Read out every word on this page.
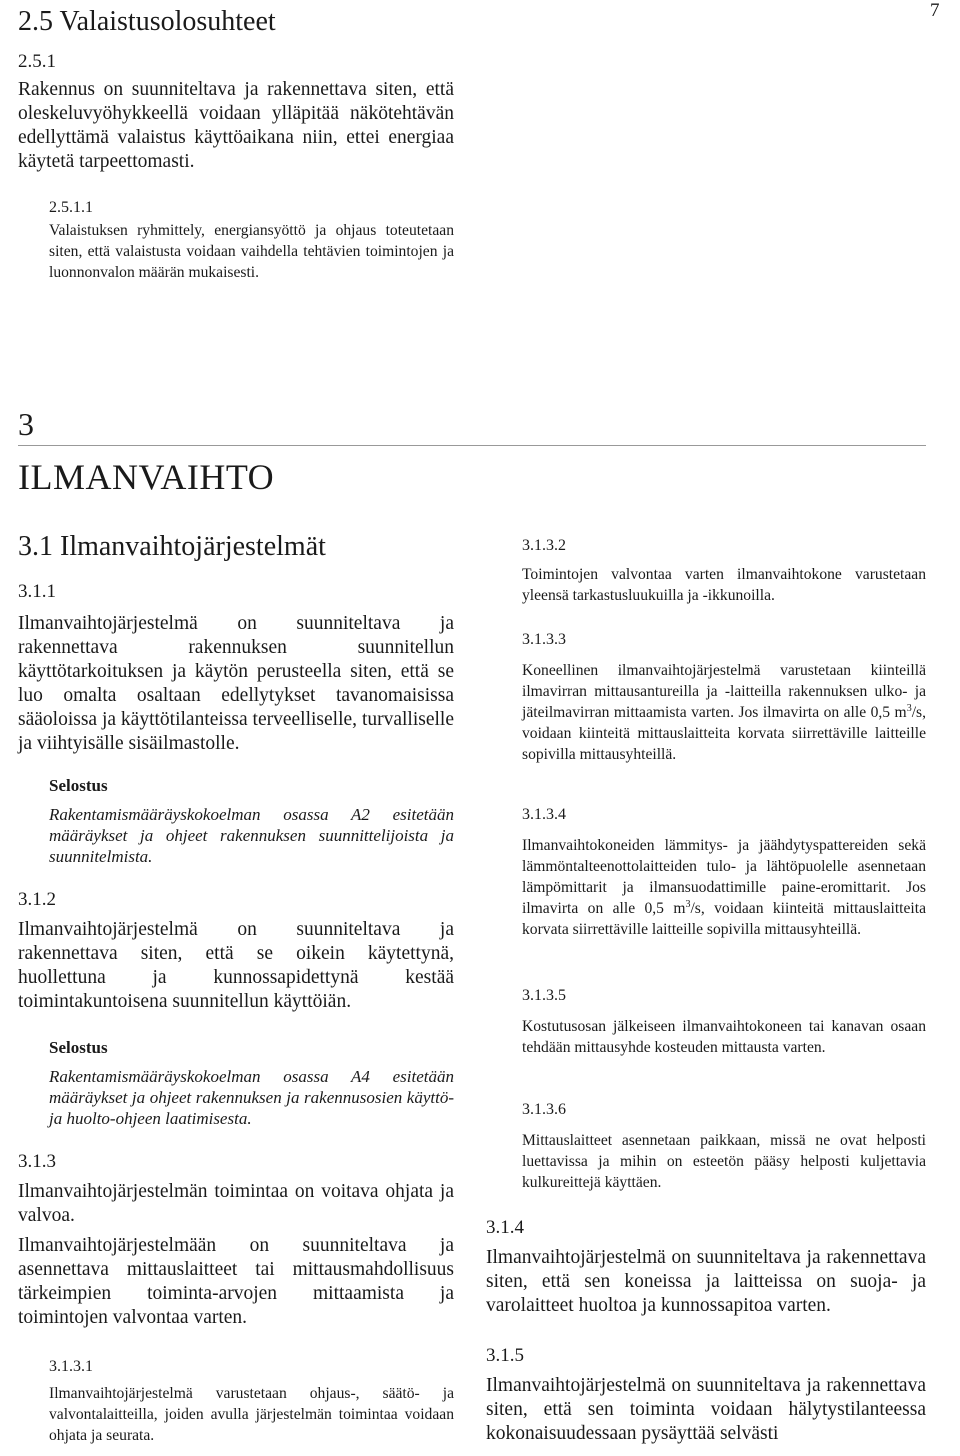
7
2.5 Valaistusolosuhteet

2.5.1

Rakennus on suunniteltava ja rakennettava siten, että oleskeluvyöhykkeellä voidaan ylläpitää näkötehtävän edellyttämä valaistus käyttöaikana niin, ettei energiaa käytetä tarpeettomasti.

2.5.1.1

Valaistuksen ryhmittely, energiansyöttö ja ohjaus toteutetaan siten, että valaistusta voidaan vaihdella tehtävien toimintojen ja luonnonvalon määrän mukaisesti.

3
ILMANVAIHTO
3.1 Ilmanvaihtojärjestelmät

3.1.1

Ilmanvaihtojärjestelmä on suunniteltava ja rakennettava rakennuksen suunnitellun käyttötarkoituksen ja käytön perusteella siten, että se luo omalta osaltaan edellytykset tavanomaisissa sääoloissa ja käyttötilanteissa terveelliselle, turvalliselle ja viihtyisälle sisäilmastolle.

Selostus

Rakentamismääräyskokoelman osassa A2 esitetään määräykset ja ohjeet rakennuksen suunnittelijoista ja suunnitelmista.

3.1.2

Ilmanvaihtojärjestelmä on suunniteltava ja rakennettava siten, että se oikein käytettynä, huollettuna ja kunnossapidettynä kestää toimintakuntoisena suunnitellun käyttöiän.

Selostus

Rakentamismääräyskokoelman osassa A4 esitetään määräykset ja ohjeet rakennuksen ja rakennusosien käyttö- ja huolto-ohjeen laatimisesta.

3.1.3

Ilmanvaihtojärjestelmän toimintaa on voitava ohjata ja valvoa.

Ilmanvaihtojärjestelmään on suunniteltava ja asennettava mittauslaitteet tai mittausmahdollisuus tärkeimpien toiminta-arvojen mittaamista ja toimintojen valvontaa varten.

3.1.3.1

Ilmanvaihtojärjestelmä varustetaan ohjaus-, säätö- ja valvontalaitteilla, joiden avulla järjestelmän toimintaa voidaan ohjata ja seurata.

3.1.3.2

Toimintojen valvontaa varten ilmanvaihtokone varustetaan yleensä tarkastusluukuilla ja -ikkunoilla.

3.1.3.3

Koneellinen ilmanvaihtojärjestelmä varustetaan kiinteillä ilmavirran mittausantureilla ja -laitteilla rakennuksen ulko- ja jäteilmavirran mittaamista varten. Jos ilmavirta on alle 0,5 $m^3/s$, voidaan kiinteitä mittauslaitteita korvata siirrettäville laitteille sopivilla mittausyhteillä.

3.1.3.4

Ilmanvaihtokoneiden lämmitys- ja jäähdytyspattereiden sekä lämmöntalteenottolaitteiden tulo- ja lähtöpuolelle asennetaan lämpömittarit ja ilmansuodattimille paine-eromittarit. Jos ilmavirta on alle 0,5 $m^3/s$, voidaan kiinteitä mittauslaitteita korvata siirrettäville laitteille sopivilla mittausyhteillä.

3.1.3.5

Kostutusosan jälkeiseen ilmanvaihtokoneen tai kanavan osaan tehdään mittausyhde kosteuden mittausta varten.

3.1.3.6

Mittauslaitteet asennetaan paikkaan, missä ne ovat helposti luettavissa ja mihin on esteetön pääsy helposti kuljettavia kulkureittejä käyttäen.

3.1.4

Ilmanvaihtojärjestelmä on suunniteltava ja rakennettava siten, että sen koneissa ja laitteissa on suoja- ja varolaitteet huoltoa ja kunnossapitoa varten.

3.1.5

Ilmanvaihtojärjestelmä on suunniteltava ja rakennettava siten, että sen toiminta voidaan hälytystilanteessa kokonaisuudessaan pysäyttää selvästi
